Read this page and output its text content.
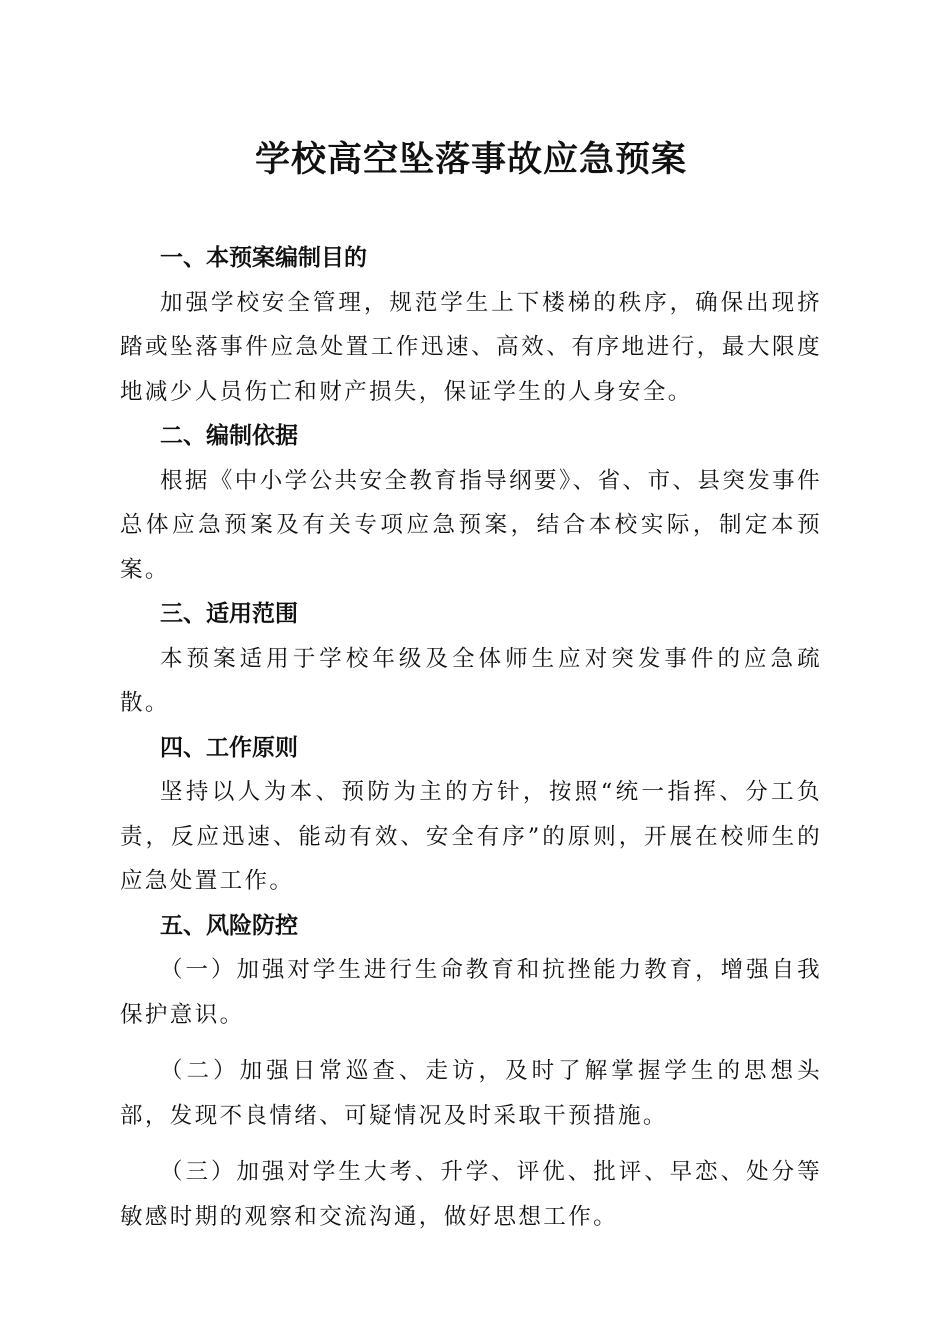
学校高空坠落事故应急预案

一、本预案编制目的

加强学校安全管理，规范学生上下楼梯的秩序，确保出现挤踏或坠落事件应急处置工作迅速、高效、有序地进行，最大限度地减少人员伤亡和财产损失，保证学生的人身安全。

二、编制依据

根据《中小学公共安全教育指导纲要》、省、市、县突发事件总体应急预案及有关专项应急预案，结合本校实际，制定本预案。

三、适用范围

本预案适用于学校年级及全体师生应对突发事件的应急疏散。

四、工作原则

坚持以人为本、预防为主的方针，按照“统一指挥、分工负责，反应迅速、能动有效、安全有序”的原则，开展在校师生的应急处置工作。

五、风险防控

（一）加强对学生进行生命教育和抗挫能力教育，增强自我保护意识。

（二）加强日常巡查、走访，及时了解掌握学生的思想头部，发现不良情绪、可疑情况及时采取干预措施。

（三）加强对学生大考、升学、评优、批评、早恋、处分等敏感时期的观察和交流沟通，做好思想工作。
